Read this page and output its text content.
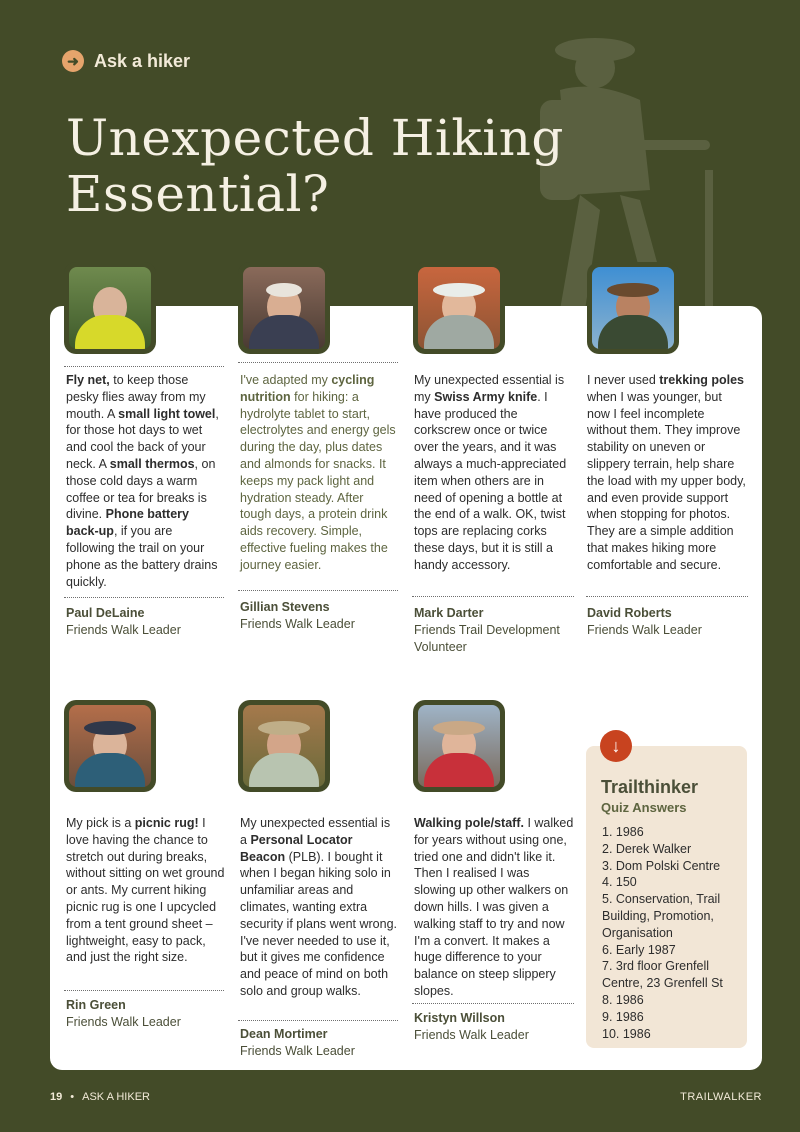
➜ Ask a hiker
Unexpected Hiking
Essential?
Fly net, to keep those pesky flies away from my mouth. A small light towel, for those hot days to wet and cool the back of your neck. A small thermos, on those cold days a warm coffee or tea for breaks is divine. Phone battery back-up, if you are following the trail on your phone as the battery drains quickly.
Paul DeLaine
Friends Walk Leader
I've adapted my cycling nutrition for hiking: a hydrolyte tablet to start, electrolytes and energy gels during the day, plus dates and almonds for snacks. It keeps my pack light and hydration steady. After tough days, a protein drink aids recovery. Simple, effective fueling makes the journey easier.
Gillian Stevens
Friends Walk Leader
My unexpected essential is my Swiss Army knife. I have produced the corkscrew once or twice over the years, and it was always a much-appreciated item when others are in need of opening a bottle at the end of a walk. OK, twist tops are replacing corks these days, but it is still a handy accessory.
Mark Darter
Friends Trail Development Volunteer
I never used trekking poles when I was younger, but now I feel incomplete without them. They improve stability on uneven or slippery terrain, help share the load with my upper body, and even provide support when stopping for photos. They are a simple addition that makes hiking more comfortable and secure.
David Roberts
Friends Walk Leader
My pick is a picnic rug! I love having the chance to stretch out during breaks, without sitting on wet ground or ants. My current hiking picnic rug is one I upcycled from a tent ground sheet – lightweight, easy to pack, and just the right size.
Rin Green
Friends Walk Leader
My unexpected essential is a Personal Locator Beacon (PLB). I bought it when I began hiking solo in unfamiliar areas and climates, wanting extra security if plans went wrong. I've never needed to use it, but it gives me confidence and peace of mind on both solo and group walks.
Dean Mortimer
Friends Walk Leader
Walking pole/staff. I walked for years without using one, tried one and didn't like it. Then I realised I was slowing up other walkers on down hills. I was given a walking staff to try and now I'm a convert. It makes a huge difference to your balance on steep slippery slopes.
Kristyn Willson
Friends Walk Leader
↓
Trailthinker
Quiz Answers
1. 1986
2. Derek Walker
3. Dom Polski Centre
4. 150
5. Conservation, Trail Building, Promotion, Organisation
6. Early 1987
7. 3rd floor Grenfell Centre, 23 Grenfell St
8. 1986
9. 1986
10. 1986
19 • ASK A HIKER	TRAILWALKER
